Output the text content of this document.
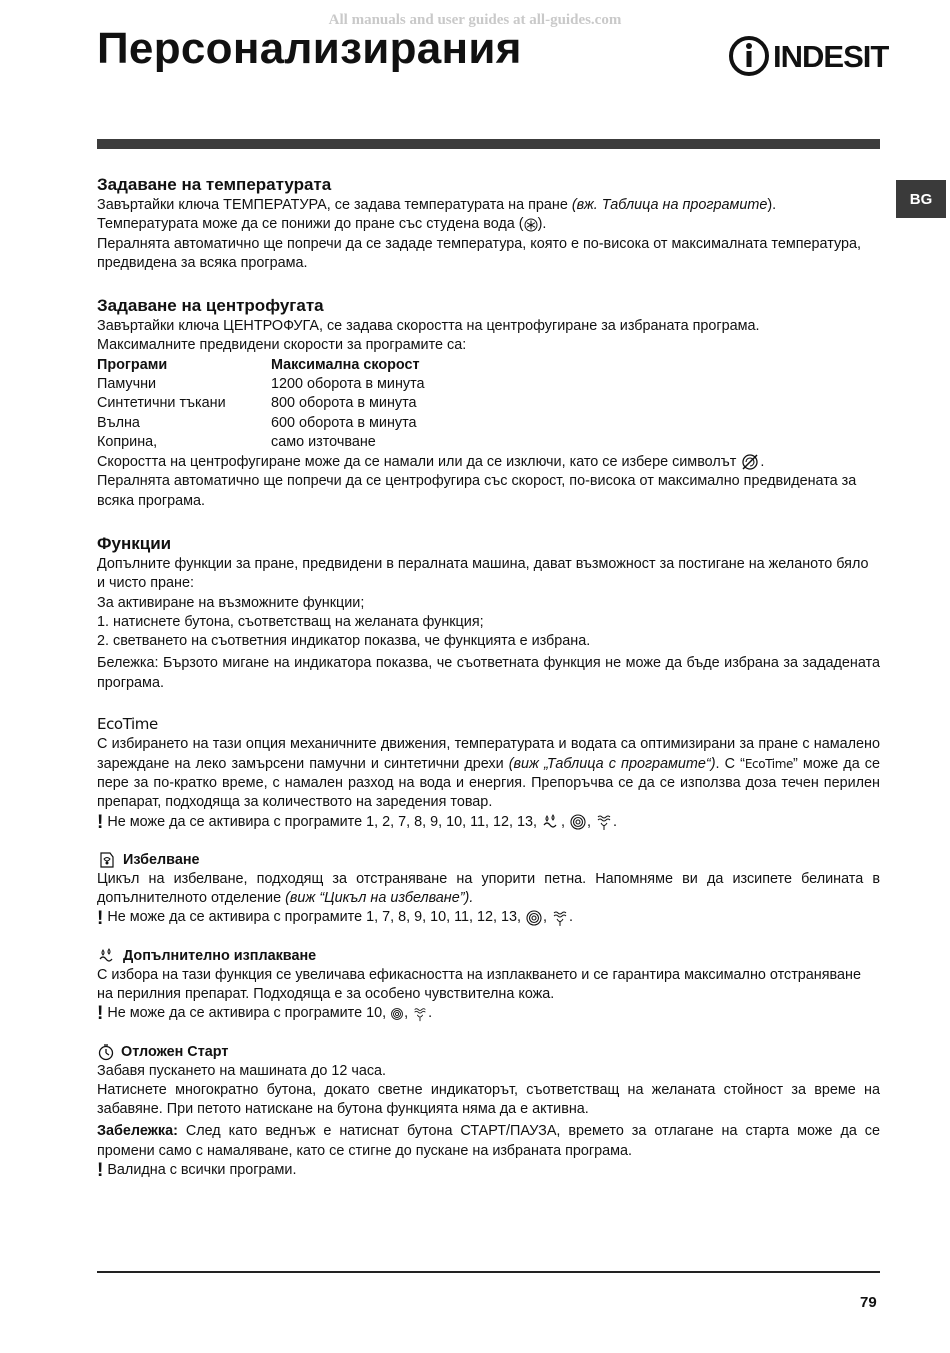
All manuals and user guides at all-guides.com
Персонализирания	INDESIT
BG

Задаване на температурата

Завъртайки ключа ТЕМПЕРАТУРА, се задава температурата на пране (вж. Таблица на програмите).

Температурата може да се понижи до пране със студена вода ( ).

Пералнята автоматично ще попречи да се зададе температура, която е по-висока от максималната температура, предвидена за всяка програма.

Задаване на центрофугата

Завъртайки ключа ЦЕНТРОФУГА, се задава скоростта на центрофугиране за избраната програма.

Максималните предвидени скорости за програмите са:

Програми	Максимална скорост
Памучни	1200 оборота в минута
Синтетични тъкани	800 оборота в минута
Вълна	600 оборота в минута
Коприна,	само източване

Скоростта на центрофугиране може да се намали или да се изключи, като се избере символът .

Пералнята автоматично ще попречи да се центрофугира със скорост, по-висока от максимално предвидената за всяка програма.

Функции

Допълните функции за пране, предвидени в пералната машина, дават възможност за постигане на желаното бяло и чисто пране:

За активиране на възможните функции;

1. натиснете бутона, съответстващ на желаната функция;

2. светването на съответния индикатор показва, че функцията е избрана.

Бележка: Бързото мигане на индикатора показва, че съответната функция не може да бъде избрана за зададената програма.

EcoTime

С избирането на тази опция механичните движения, температурата и водата са оптимизирани за пране с намалено зареждане на леко замърсени памучни и синтетични дрехи (виж „Таблица с програмите“). С “EcoTime” може да се пере за по-кратко време, с намален разход на вода и енергия. Препоръчва се да се използва доза течен перилен препарат, подходяща за количеството на заредения товар.

! Не може да се активира с програмите 1, 2, 7, 8, 9, 10, 11, 12, 13,
,
,
.

Избелване

Цикъл на избелване, подходящ за отстраняване на упорити петна. Напомняме ви да изсипете белината в допълнителното отделение (виж “Цикъл на избелване”).

! Не може да се активира с програмите 1, 7, 8, 9, 10, 11, 12, 13,
,
.

Допълнително изплакване

С избора на тази функция се увеличава ефикасността на изплакването и се гарантира максимално отстраняване на перилния препарат. Подходяща е за особено чувствителна кожа.

! Не може да се активира с програмите 10,
,
.

Отложен Старт

Забавя пускането на машината до 12 часа.

Натиснете многократно бутона, докато светне индикаторът, съответстващ на желаната стойност за време на забавяне. При петото натискане на бутона функцията няма да е активна.

Забележка: След като веднъж е натиснат бутона СТАРТ/ПАУЗА, времето за отлагане на старта може да се промени само с намаляване, като се стигне до пускане на избраната програма.

! Валидна с всички програми.

79
